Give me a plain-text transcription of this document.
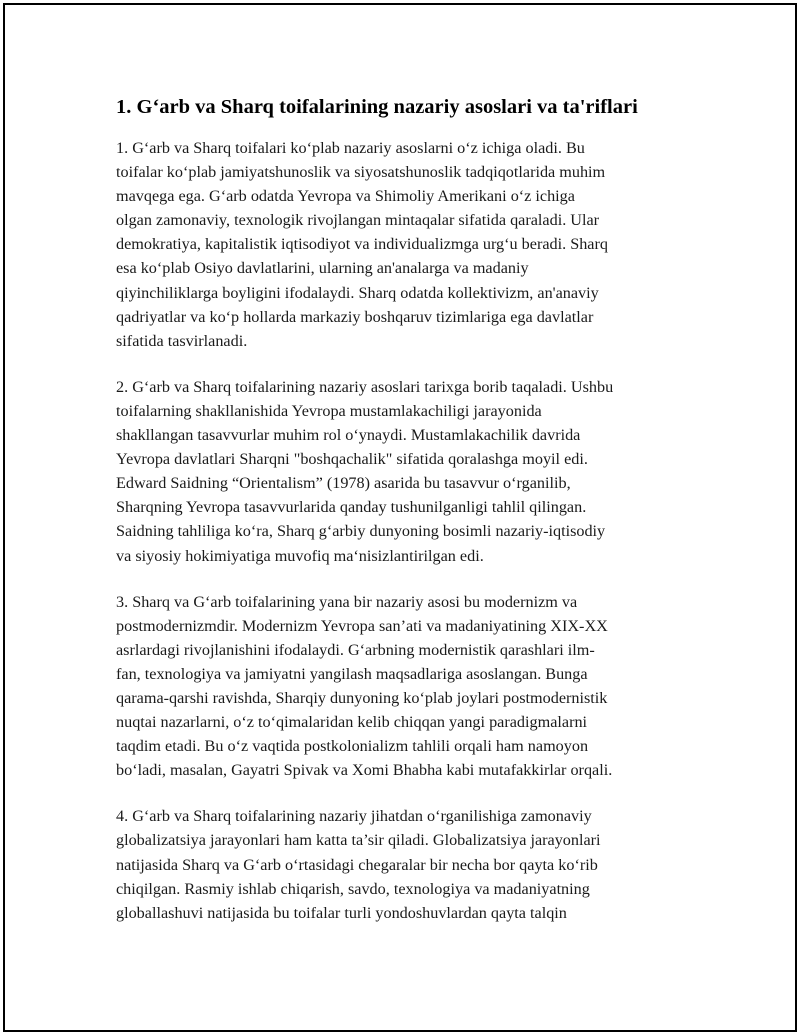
1. G‘arb va Sharq toifalarining nazariy asoslari va ta'riflari
1. G‘arb va Sharq toifalari ko‘plab nazariy asoslarni o‘z ichiga oladi. Bu
toifalar ko‘plab jamiyatshunoslik va siyosatshunoslik tadqiqotlarida muhim
mavqega ega. G‘arb odatda Yevropa va Shimoliy Amerikani o‘z ichiga
olgan zamonaviy, texnologik rivojlangan mintaqalar sifatida qaraladi. Ular
demokratiya, kapitalistik iqtisodiyot va individualizmga urg‘u beradi. Sharq
esa ko‘plab Osiyo davlatlarini, ularning an'analarga va madaniy
qiyinchiliklarga boyligini ifodalaydi. Sharq odatda kollektivizm, an'anaviy
qadriyatlar va ko‘p hollarda markaziy boshqaruv tizimlariga ega davlatlar
sifatida tasvirlanadi.
2. G‘arb va Sharq toifalarining nazariy asoslari tarixga borib taqaladi. Ushbu
toifalarning shakllanishida Yevropa mustamlakachiligi jarayonida
shakllangan tasavvurlar muhim rol o‘ynaydi. Mustamlakachilik davrida
Yevropa davlatlari Sharqni "boshqachalik" sifatida qoralashga moyil edi.
Edward Saidning “Orientalism” (1978) asarida bu tasavvur o‘rganilib,
Sharqning Yevropa tasavvurlarida qanday tushunilganligi tahlil qilingan.
Saidning tahliliga ko‘ra, Sharq g‘arbiy dunyoning bosimli nazariy-iqtisodiy
va siyosiy hokimiyatiga muvofiq ma‘nisizlantirilgan edi.
3. Sharq va G‘arb toifalarining yana bir nazariy asosi bu modernizm va
postmodernizmdir. Modernizm Yevropa san’ati va madaniyatining XIX-XX
asrlardagi rivojlanishini ifodalaydi. G‘arbning modernistik qarashlari ilm-
fan, texnologiya va jamiyatni yangilash maqsadlariga asoslangan. Bunga
qarama-qarshi ravishda, Sharqiy dunyoning ko‘plab joylari postmodernistik
nuqtai nazarlarni, o‘z to‘qimalaridan kelib chiqqan yangi paradigmalarni
taqdim etadi. Bu o‘z vaqtida postkolonializm tahlili orqali ham namoyon
bo‘ladi, masalan, Gayatri Spivak va Xomi Bhabha kabi mutafakkirlar orqali.
4. G‘arb va Sharq toifalarining nazariy jihatdan o‘rganilishiga zamonaviy
globalizatsiya jarayonlari ham katta ta’sir qiladi. Globalizatsiya jarayonlari
natijasida Sharq va G‘arb o‘rtasidagi chegaralar bir necha bor qayta ko‘rib
chiqilgan. Rasmiy ishlab chiqarish, savdo, texnologiya va madaniyatning
globallashuvi natijasida bu toifalar turli yondoshuvlardan qayta talqin
